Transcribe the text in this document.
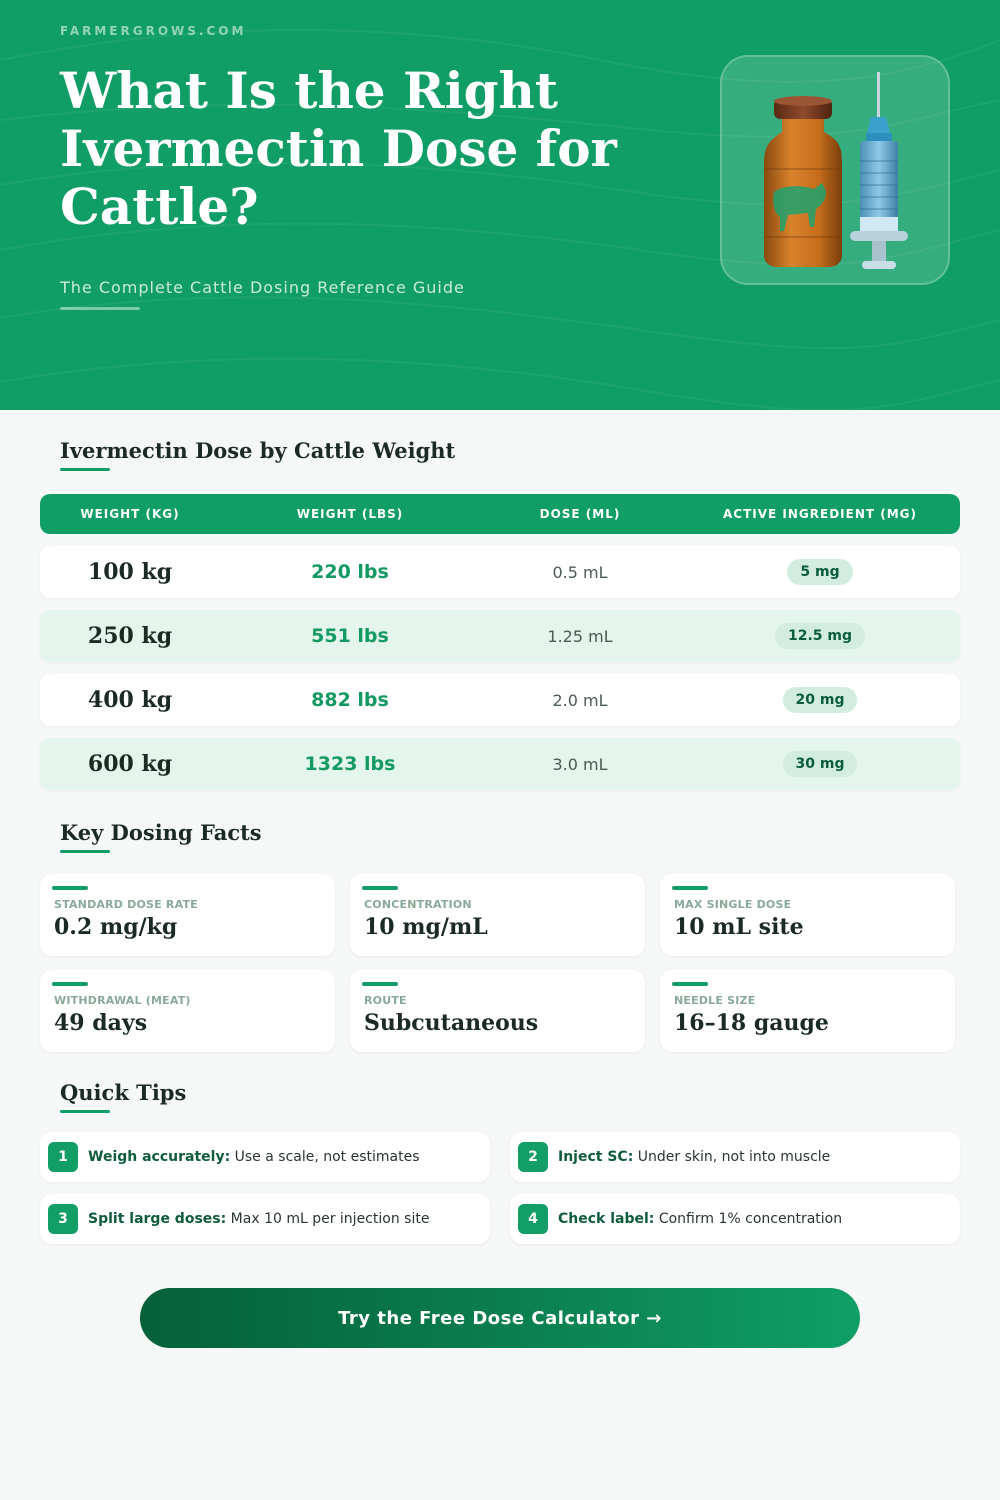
FARMERGROWS.COM
What Is the Right Ivermectin Dose for Cattle?
The Complete Cattle Dosing Reference Guide
Ivermectin Dose by Cattle Weight
WEIGHT (KG)	WEIGHT (LBS)	DOSE (ML)	ACTIVE INGREDIENT (MG)
100 kg	220 lbs	0.5 mL	5 mg
250 kg	551 lbs	1.25 mL	12.5 mg
400 kg	882 lbs	2.0 mL	20 mg
600 kg	1323 lbs	3.0 mL	30 mg
Key Dosing Facts
STANDARD DOSE RATE
0.2 mg/kg
CONCENTRATION
10 mg/mL
MAX SINGLE DOSE
10 mL site
WITHDRAWAL (MEAT)
49 days
ROUTE
Subcutaneous
NEEDLE SIZE
16–18 gauge
Quick Tips
1	Weigh accurately: Use a scale, not estimates	2	Inject SC: Under skin, not into muscle
3	Split large doses: Max 10 mL per injection site	4	Check label: Confirm 1% concentration
Try the Free Dose Calculator →
